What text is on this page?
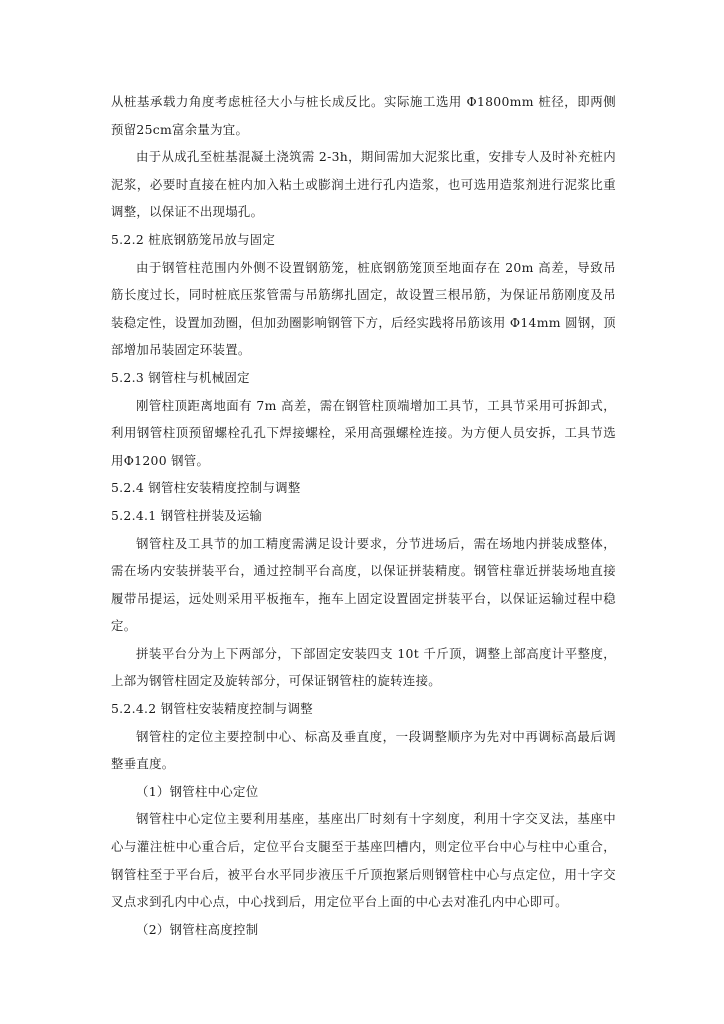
从桩基承载力角度考虑桩径大小与桩长成反比。实际施工选用 Φ1800mm 桩径，即两侧预留25cm富余量为宜。

由于从成孔至桩基混凝土浇筑需 2-3h，期间需加大泥浆比重，安排专人及时补充桩内泥浆，必要时直接在桩内加入粘土或膨润土进行孔内造浆，也可选用造浆剂进行泥浆比重调整，以保证不出现塌孔。

5.2.2 桩底钢筋笼吊放与固定

由于钢管柱范围内外侧不设置钢筋笼，桩底钢筋笼顶至地面存在 20m 高差，导致吊筋长度过长，同时桩底压浆管需与吊筋绑扎固定，故设置三根吊筋，为保证吊筋刚度及吊装稳定性，设置加劲圈，但加劲圈影响钢管下方，后经实践将吊筋该用 Φ14mm 圆钢，顶部增加吊装固定环装置。

5.2.3 钢管柱与机械固定

刚管柱顶距离地面有 7m 高差，需在钢管柱顶端增加工具节，工具节采用可拆卸式，利用钢管柱顶预留螺栓孔孔下焊接螺栓，采用高强螺栓连接。为方便人员安拆，工具节选用Φ1200 钢管。

5.2.4 钢管柱安装精度控制与调整

5.2.4.1 钢管柱拼装及运输

钢管柱及工具节的加工精度需满足设计要求，分节进场后，需在场地内拼装成整体，需在场内安装拼装平台，通过控制平台高度，以保证拼装精度。钢管柱靠近拼装场地直接履带吊提运，远处则采用平板拖车，拖车上固定设置固定拼装平台，以保证运输过程中稳定。

拼装平台分为上下两部分，下部固定安装四支 10t 千斤顶，调整上部高度计平整度，上部为钢管柱固定及旋转部分，可保证钢管柱的旋转连接。

5.2.4.2 钢管柱安装精度控制与调整

钢管柱的定位主要控制中心、标高及垂直度，一段调整顺序为先对中再调标高最后调整垂直度。

（1）钢管柱中心定位

钢管柱中心定位主要利用基座，基座出厂时刻有十字刻度，利用十字交叉法，基座中心与灌注桩中心重合后，定位平台支腿至于基座凹槽内，则定位平台中心与柱中心重合，钢管柱至于平台后，被平台水平同步液压千斤顶抱紧后则钢管柱中心与点定位，用十字交叉点求到孔内中心点，中心找到后，用定位平台上面的中心去对准孔内中心即可。

（2）钢管柱高度控制
